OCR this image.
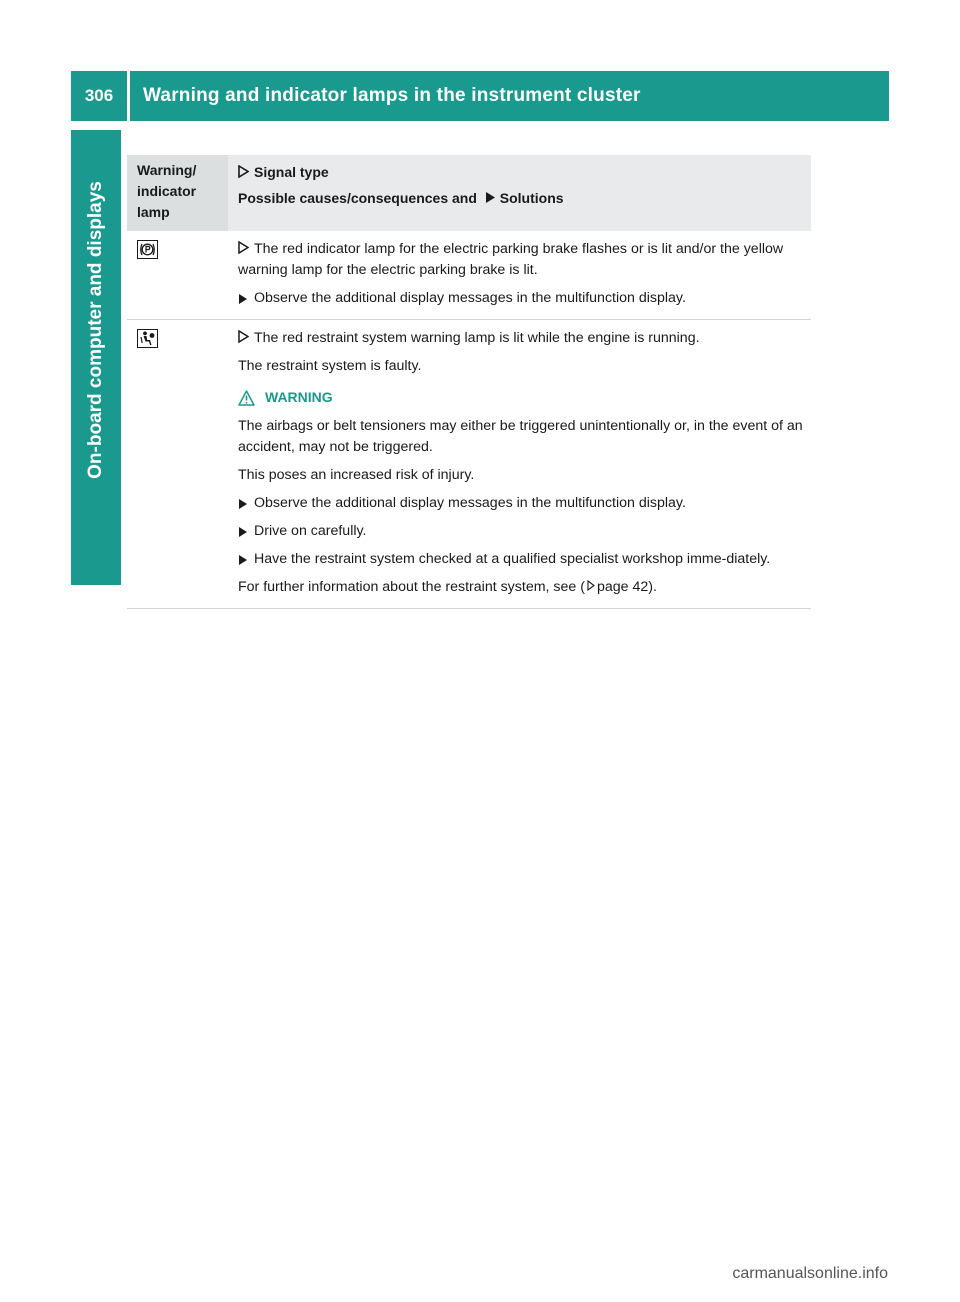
306	Warning and indicator lamps in the instrument cluster
On-board computer and displays
Warning/ indicator lamp
Signal type
Possible causes/consequences and Solutions
The red indicator lamp for the electric parking brake flashes or is lit and/or the yellow warning lamp for the electric parking brake is lit.
Observe the additional display messages in the multifunction display.
The red restraint system warning lamp is lit while the engine is running.
The restraint system is faulty.
WARNING
The airbags or belt tensioners may either be triggered unintentionally or, in the event of an accident, may not be triggered.
This poses an increased risk of injury.
Observe the additional display messages in the multifunction display.
Drive on carefully.
Have the restraint system checked at a qualified specialist workshop imme-diately.
For further information about the restraint system, see ( page 42).
carmanualsonline.info
